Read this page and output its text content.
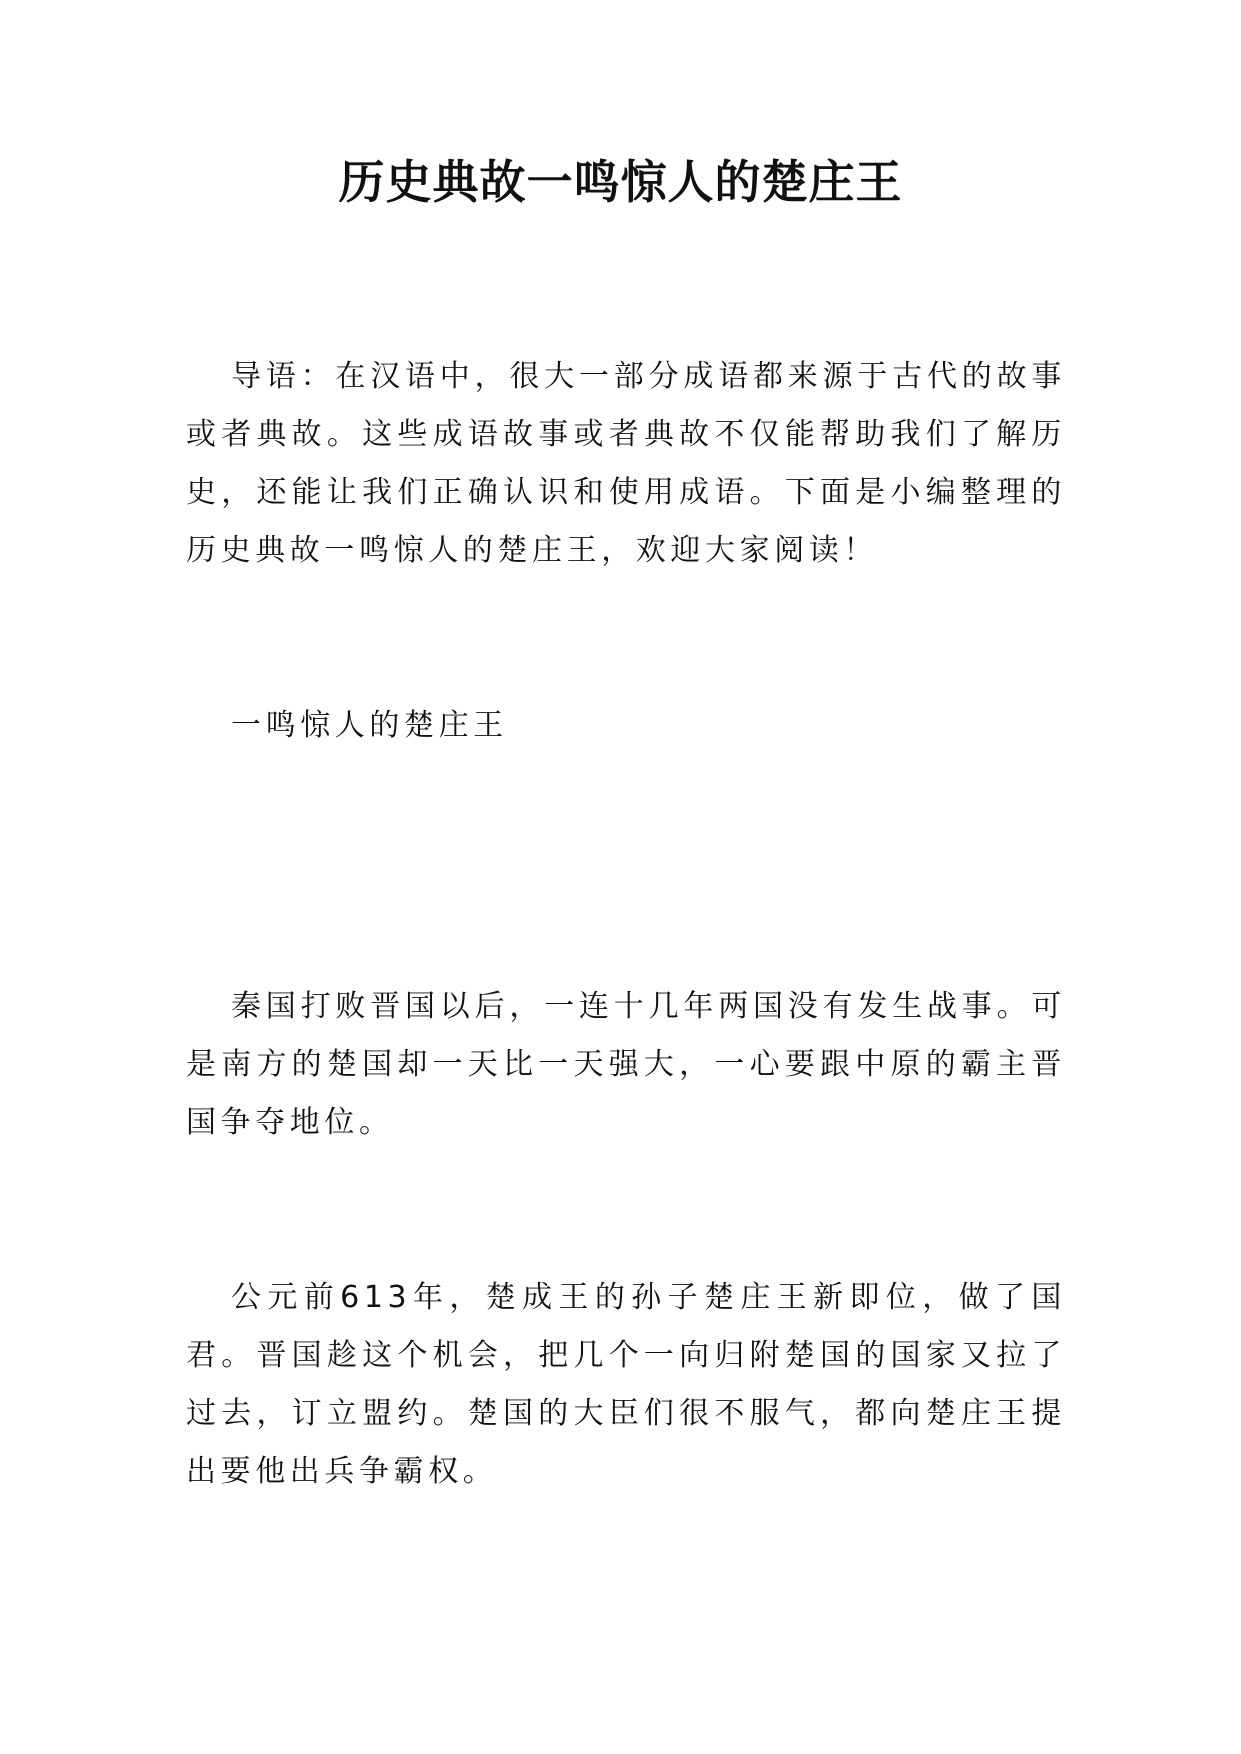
历史典故一鸣惊人的楚庄王

导语：在汉语中，很大一部分成语都来源于古代的故事或者典故。这些成语故事或者典故不仅能帮助我们了解历史，还能让我们正确认识和使用成语。下面是小编整理的历史典故一鸣惊人的楚庄王，欢迎大家阅读！

一鸣惊人的楚庄王

秦国打败晋国以后，一连十几年两国没有发生战事。可是南方的楚国却一天比一天强大，一心要跟中原的霸主晋国争夺地位。

公元前613年，楚成王的孙子楚庄王新即位，做了国君。晋国趁这个机会，把几个一向归附楚国的国家又拉了过去，订立盟约。楚国的大臣们很不服气，都向楚庄王提出要他出兵争霸权。
